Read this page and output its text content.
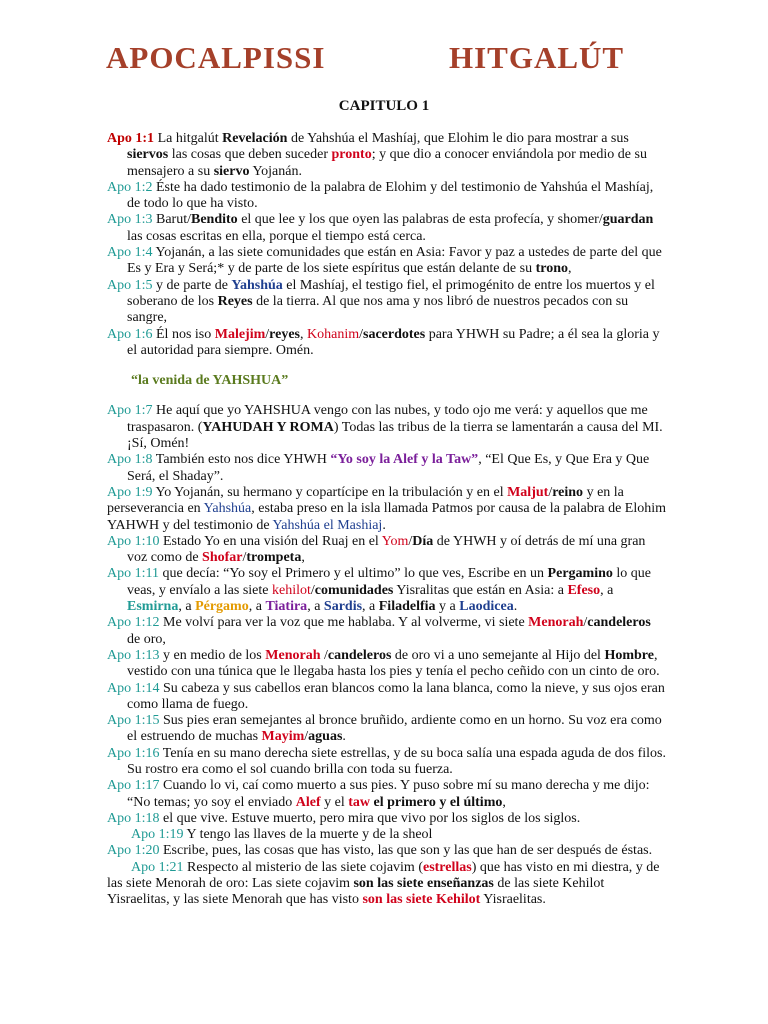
APOCALPISSI	HITGALÚT
CAPITULO 1

Apo 1:1 La hitgalút Revelación de Yahshúa el Mashíaj, que Elohim le dio para mostrar a sus siervos las cosas que deben suceder pronto; y que dio a conocer enviándola por medio de su mensajero a su siervo Yojanán.

Apo 1:2 Éste ha dado testimonio de la palabra de Elohim y del testimonio de Yahshúa el Mashíaj, de todo lo que ha visto.

Apo 1:3 Barut/Bendito el que lee y los que oyen las palabras de esta profecía, y shomer/guardan las cosas escritas en ella, porque el tiempo está cerca.

Apo 1:4 Yojanán, a las siete comunidades que están en Asia: Favor y paz a ustedes de parte del que Es y Era y Será;* y de parte de los siete espíritus que están delante de su trono,

Apo 1:5 y de parte de Yahshúa el Mashíaj, el testigo fiel, el primogénito de entre los muertos y el soberano de los Reyes de la tierra. Al que nos ama y nos libró de nuestros pecados con su sangre,

Apo 1:6 Él nos iso Malejim/reyes, Kohanim/sacerdotes para YHWH su Padre; a él sea la gloria y el autoridad para siempre. Omén.

“la venida de YAHSHUA”

Apo 1:7 He aquí que yo YAHSHUA vengo con las nubes, y todo ojo me verá: y aquellos que me traspasaron. (YAHUDAH Y ROMA) Todas las tribus de la tierra se lamentarán a causa del MI. ¡Sí, Omén!

Apo 1:8 También esto nos dice YHWH “Yo soy la Alef y la Taw”, “El Que Es, y Que Era y Que Será, el Shaday”.

Apo 1:9 Yo Yojanán, su hermano y copartícipe en la tribulación y en el Maljut/reino y en la perseverancia en Yahshúa, estaba preso en la isla llamada Patmos por causa de la palabra de Elohim YAHWH y del testimonio de Yahshúa el Mashiaj.

Apo 1:10 Estado Yo en una visión del Ruaj en el Yom/Día de YHWH y oí detrás de mí una gran voz como de Shofar/trompeta,

Apo 1:11 que decía: “Yo soy el Primero y el ultimo” lo que ves, Escribe en un Pergamino lo que veas, y envíalo a las siete kehilot/comunidades Yisralitas que están en Asia: a Efeso, a Esmirna, a Pérgamo, a Tiatira, a Sardis, a Filadelfia y a Laodicea.

Apo 1:12 Me volví para ver la voz que me hablaba. Y al volverme, vi siete Menorah/candeleros de oro,

Apo 1:13 y en medio de los Menorah /candeleros de oro vi a uno semejante al Hijo del Hombre, vestido con una túnica que le llegaba hasta los pies y tenía el pecho ceñido con un cinto de oro.

Apo 1:14 Su cabeza y sus cabellos eran blancos como la lana blanca, como la nieve, y sus ojos eran como llama de fuego.

Apo 1:15 Sus pies eran semejantes al bronce bruñido, ardiente como en un horno. Su voz era como el estruendo de muchas Mayim/aguas.

Apo 1:16 Tenía en su mano derecha siete estrellas, y de su boca salía una espada aguda de dos filos. Su rostro era como el sol cuando brilla con toda su fuerza.

Apo 1:17 Cuando lo vi, caí como muerto a sus pies. Y puso sobre mí su mano derecha y me dijo: “No temas; yo soy el enviado Alef y el taw el primero y el último,

Apo 1:18 el que vive. Estuve muerto, pero mira que vivo por los siglos de los siglos.

Apo 1:19 Y tengo las llaves de la muerte y de la sheol

Apo 1:20 Escribe, pues, las cosas que has visto, las que son y las que han de ser después de éstas.

Apo 1:21 Respecto al misterio de las siete cojavim (estrellas) que has visto en mi diestra, y de las siete Menorah de oro: Las siete cojavim son las siete enseñanzas de las siete Kehilot Yisraelitas, y las siete Menorah que has visto son las siete Kehilot Yisraelitas.
